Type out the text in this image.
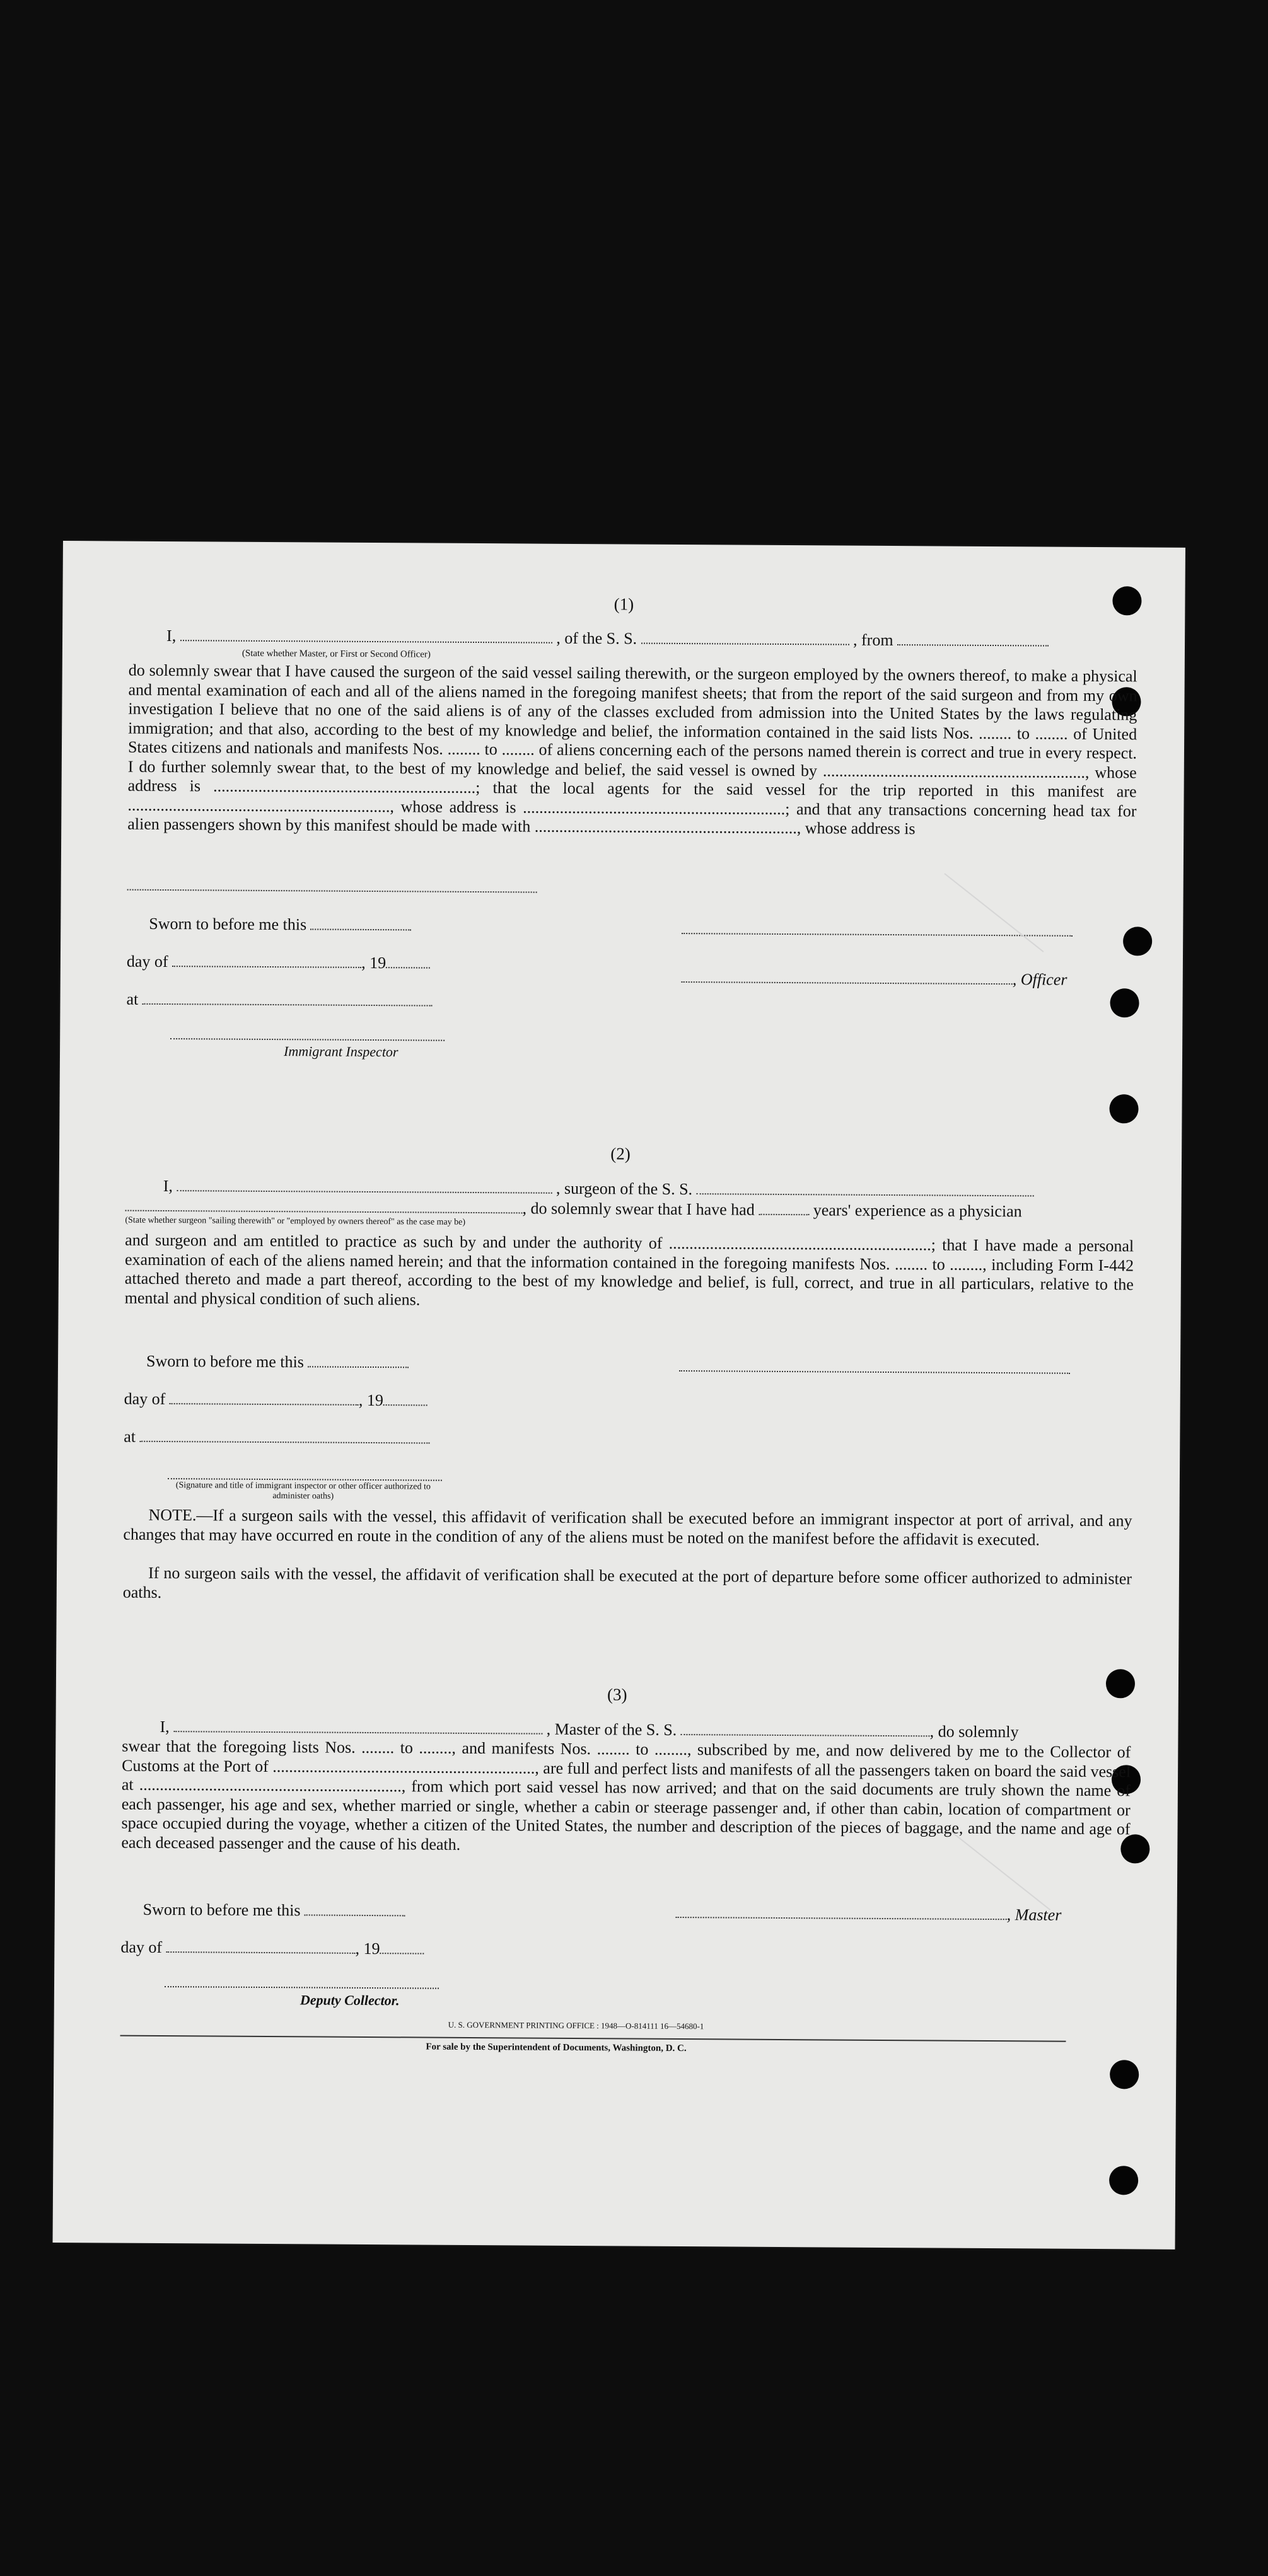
(1)
I,	, of the S. S.	, from
(State whether Master, or First or Second Officer)
do solemnly swear that I have caused the surgeon of the said vessel sailing therewith, or the surgeon employed by the owners thereof, to make a physical and mental examination of each and all of the aliens named in the foregoing manifest sheets; that from the report of the said surgeon and from my own investigation I believe that no one of the said aliens is of any of the classes excluded from admission into the United States by the laws regulating immigration; and that also, according to the best of my knowledge and belief, the information contained in the said lists Nos. ........ to ........ of United States citizens and nationals and manifests Nos. ........ to ........ of aliens concerning each of the persons named therein is correct and true in every respect. I do further solemnly swear that, to the best of my knowledge and belief, the said vessel is owned by ................................................................, whose address is ................................................................; that the local agents for the said vessel for the trip reported in this manifest are ................................................................, whose address is ................................................................; and that any transactions concerning head tax for alien passengers shown by this manifest should be made with ................................................................, whose address is
Sworn to before me this
day of	, 19
, Officer
at
Immigrant Inspector
(2)
I,	, surgeon of the S. S.
, do solemnly swear that I have had	years' experience as a physician
(State whether surgeon "sailing therewith" or "employed by owners thereof" as the case may be)
and surgeon and am entitled to practice as such by and under the authority of ................................................................; that I have made a personal examination of each of the aliens named herein; and that the information contained in the foregoing manifests Nos. ........ to ........, including Form I-442 attached thereto and made a part thereof, according to the best of my knowledge and belief, is full, correct, and true in all particulars, relative to the mental and physical condition of such aliens.
Sworn to before me this
day of	, 19
at
(Signature and title of immigrant inspector or other officer authorized to administer oaths)
NOTE.—If a surgeon sails with the vessel, this affidavit of verification shall be executed before an immigrant inspector at port of arrival, and any changes that may have occurred en route in the condition of any of the aliens must be noted on the manifest before the affidavit is executed.
If no surgeon sails with the vessel, the affidavit of verification shall be executed at the port of departure before some officer authorized to administer oaths.
(3)
I,	, Master of the S. S.	, do solemnly
swear that the foregoing lists Nos. ........ to ........, and manifests Nos. ........ to ........, subscribed by me, and now delivered by me to the Collector of Customs at the Port of ................................................................, are full and perfect lists and manifests of all the passengers taken on board the said vessel at ................................................................, from which port said vessel has now arrived; and that on the said documents are truly shown the name of each passenger, his age and sex, whether married or single, whether a cabin or steerage passenger and, if other than cabin, location of compartment or space occupied during the voyage, whether a citizen of the United States, the number and description of the pieces of baggage, and the name and age of each deceased passenger and the cause of his death.
Sworn to before me this	, Master
day of	, 19
Deputy Collector.
U. S. GOVERNMENT PRINTING OFFICE : 1948—O-814111 16—54680-1
For sale by the Superintendent of Documents, Washington, D. C.
